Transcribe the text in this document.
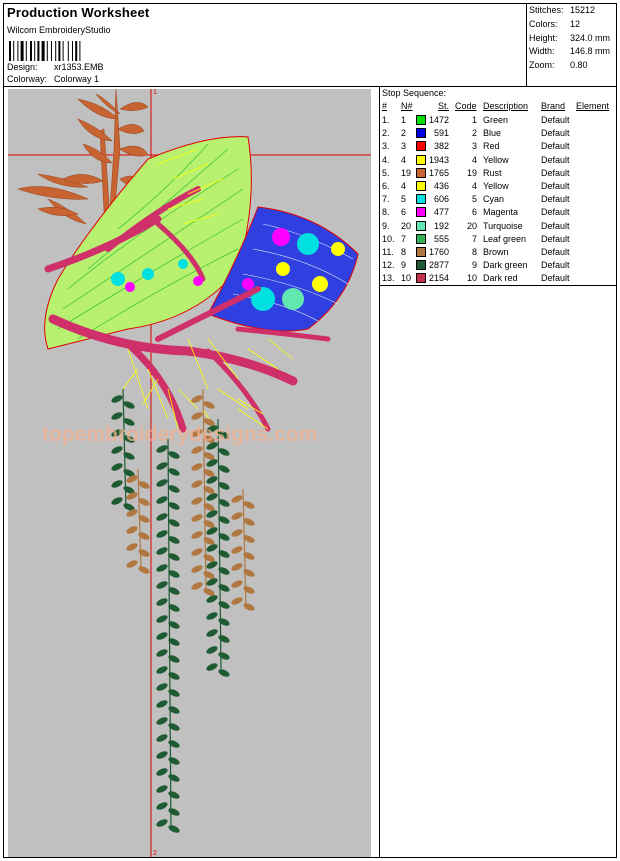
Production Worksheet
Wilcom EmbroideryStudio
Design: xr1353.EMB
Colorway: Colorway 1
Stitches: 15212
Colors: 12
Height: 324.0 mm
Width: 146.8 mm
Zoom: 0.80
1
2
topembroiderydesigns.com
Stop Sequence:
# N#	St. Code Description Brand Element
1. 1	1472	1 Green	Default
2. 2	591	2 Blue	Default
3. 3	382	3 Red	Default
4. 4	1943	4 Yellow	Default
5. 19	1765	19 Rust	Default
6. 4	436	4 Yellow	Default
7. 5	606	5 Cyan	Default
8. 6	477	6 Magenta	Default
9. 20	192	20 Turquoise Default
10. 7	555	7 Leaf green Default
11. 8	1760	8 Brown	Default
12. 9	2877	9 Dark green Default
13. 10	2154	10 Dark red	Default
